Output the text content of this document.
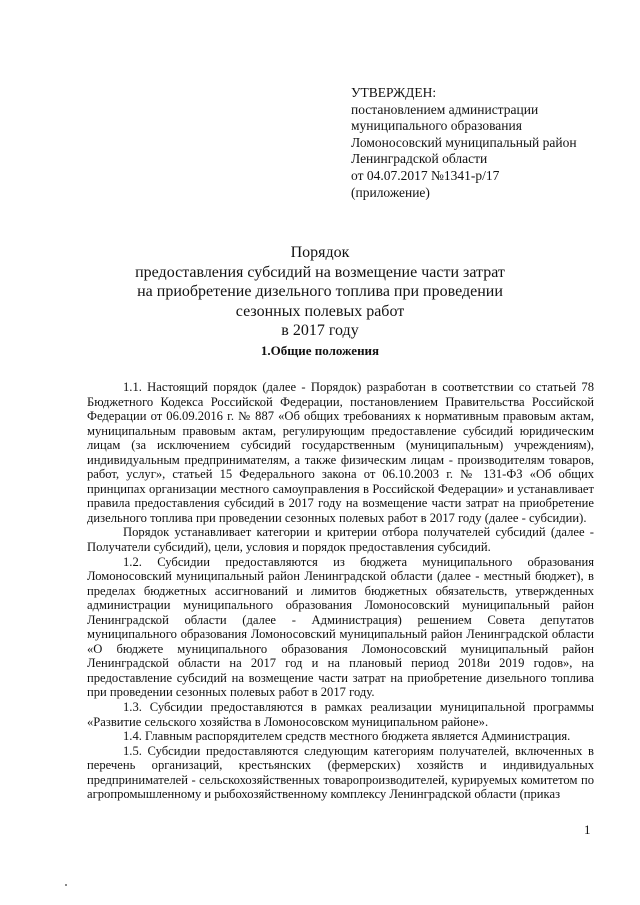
УТВЕРЖДЕН:
постановлением администрации
муниципального образования
Ломоносовский муниципальный район
Ленинградской области
от 04.07.2017 №1341-р/17
(приложение)
Порядок
предоставления субсидий на возмещение части затрат
на приобретение дизельного топлива при проведении
сезонных полевых работ
в 2017 году
1.Общие положения

1.1. Настоящий порядок (далее - Порядок) разработан в соответствии со статьей 78 Бюджетного Кодекса Российской Федерации, постановлением Правительства Российской Федерации от 06.09.2016 г. № 887 «Об общих требованиях к нормативным правовым актам, муниципальным правовым актам, регулирующим предоставление субсидий юридическим лицам (за исключением субсидий государственным (муниципальным) учреждениям), индивидуальным предпринимателям, а также физическим лицам - производителям товаров, работ, услуг», статьей 15 Федерального закона от 06.10.2003 г. № 131-ФЗ «Об общих принципах организации местного самоуправления в Российской Федерации» и устанавливает правила предоставления субсидий в 2017 году на возмещение части затрат на приобретение дизельного топлива при проведении сезонных полевых работ в 2017 году (далее - субсидии).

Порядок устанавливает категории и критерии отбора получателей субсидий (далее - Получатели субсидий), цели, условия и порядок предоставления субсидий.

1.2. Субсидии предоставляются из бюджета муниципального образования Ломоносовский муниципальный район Ленинградской области (далее - местный бюджет), в пределах бюджетных ассигнований и лимитов бюджетных обязательств, утвержденных администрации муниципального образования Ломоносовский муниципальный район Ленинградской области (далее - Администрация) решением Совета депутатов муниципального образования Ломоносовский муниципальный район Ленинградской области «О бюджете муниципального образования Ломоносовский муниципальный район Ленинградской области на 2017 год и на плановый период 2018и 2019 годов», на предоставление субсидий на возмещение части затрат на приобретение дизельного топлива при проведении сезонных полевых работ в 2017 году.

1.3. Субсидии предоставляются в рамках реализации муниципальной программы «Развитие сельского хозяйства в Ломоносовском муниципальном районе».

1.4. Главным распорядителем средств местного бюджета является Администрация.

1.5. Субсидии предоставляются следующим категориям получателей, включенных в перечень организаций, крестьянских (фермерских) хозяйств и индивидуальных предпринимателей - сельскохозяйственных товаропроизводителей, курируемых комитетом по агропромышленному и рыбохозяйственному комплексу Ленинградской области (приказ

1
